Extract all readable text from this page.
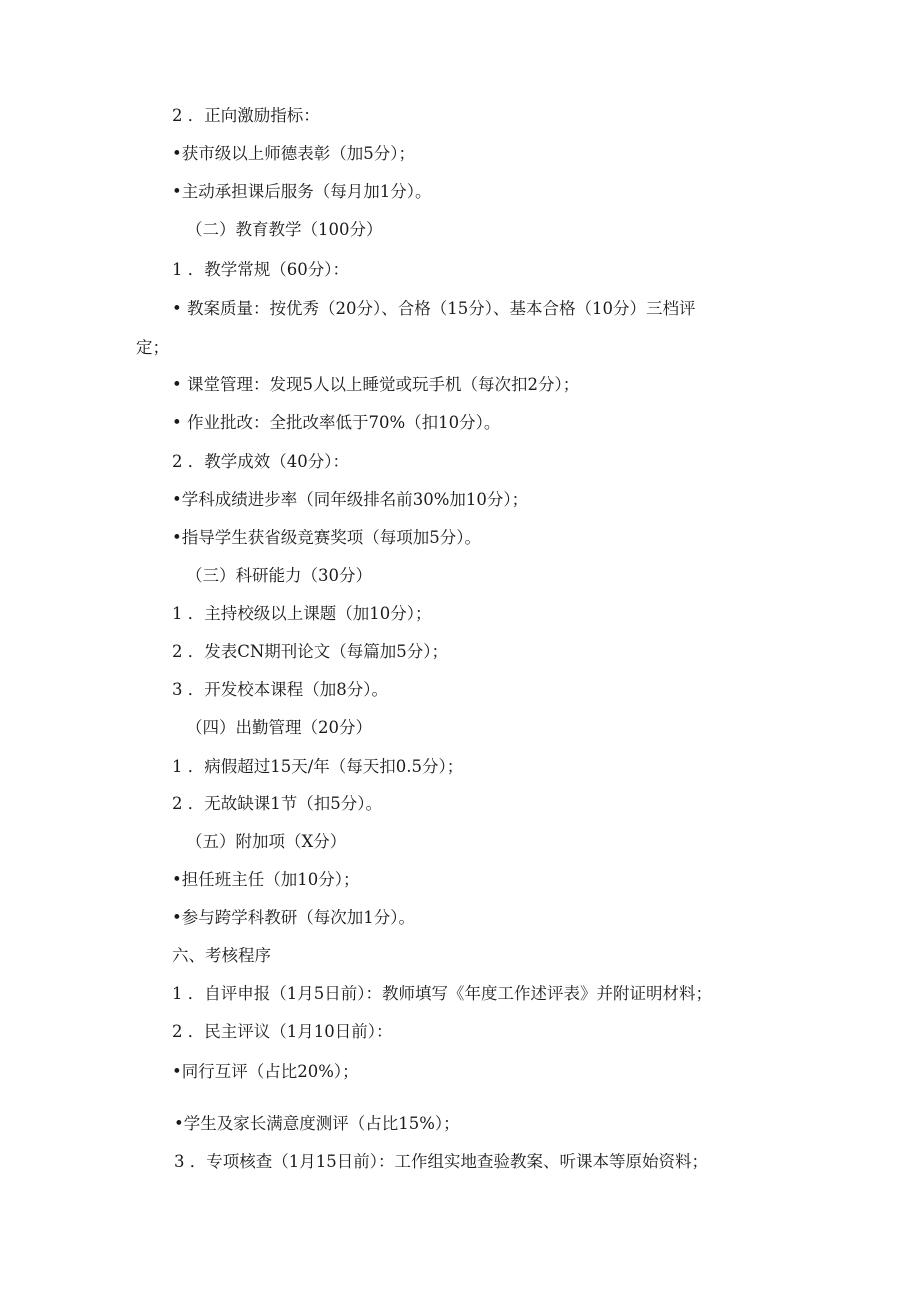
2 ．正向激励指标：
•获市级以上师德表彰（加5分）；
•主动承担课后服务（每月加1分）。
（二）教育教学（100分）
1 ．教学常规（60分）：
• 教案质量：按优秀（20分）、合格（15分）、基本合格（10分）三档评
定；
• 课堂管理：发现5人以上睡觉或玩手机（每次扣2分）；
• 作业批改：全批改率低于70%（扣10分）。
2 ．教学成效（40分）：
•学科成绩进步率（同年级排名前30%加10分）；
•指导学生获省级竞赛奖项（每项加5分）。
（三）科研能力（30分）
1 ．主持校级以上课题（加10分）；
2 ．发表CN期刊论文（每篇加5分）；
3 ．开发校本课程（加8分）。
（四）出勤管理（20分）
1 ．病假超过15天/年（每天扣0.5分）；
2 ．无故缺课1节（扣5分）。
（五）附加项（X分）
•担任班主任（加10分）；
•参与跨学科教研（每次加1分）。
六、考核程序
1 ．自评申报（1月5日前）：教师填写《年度工作述评表》并附证明材料；
2 ．民主评议（1月10日前）：
•同行互评（占比20%）；
•学生及家长满意度测评（占比15%）；
3 ．专项核查（1月15日前）：工作组实地查验教案、听课本等原始资料；
